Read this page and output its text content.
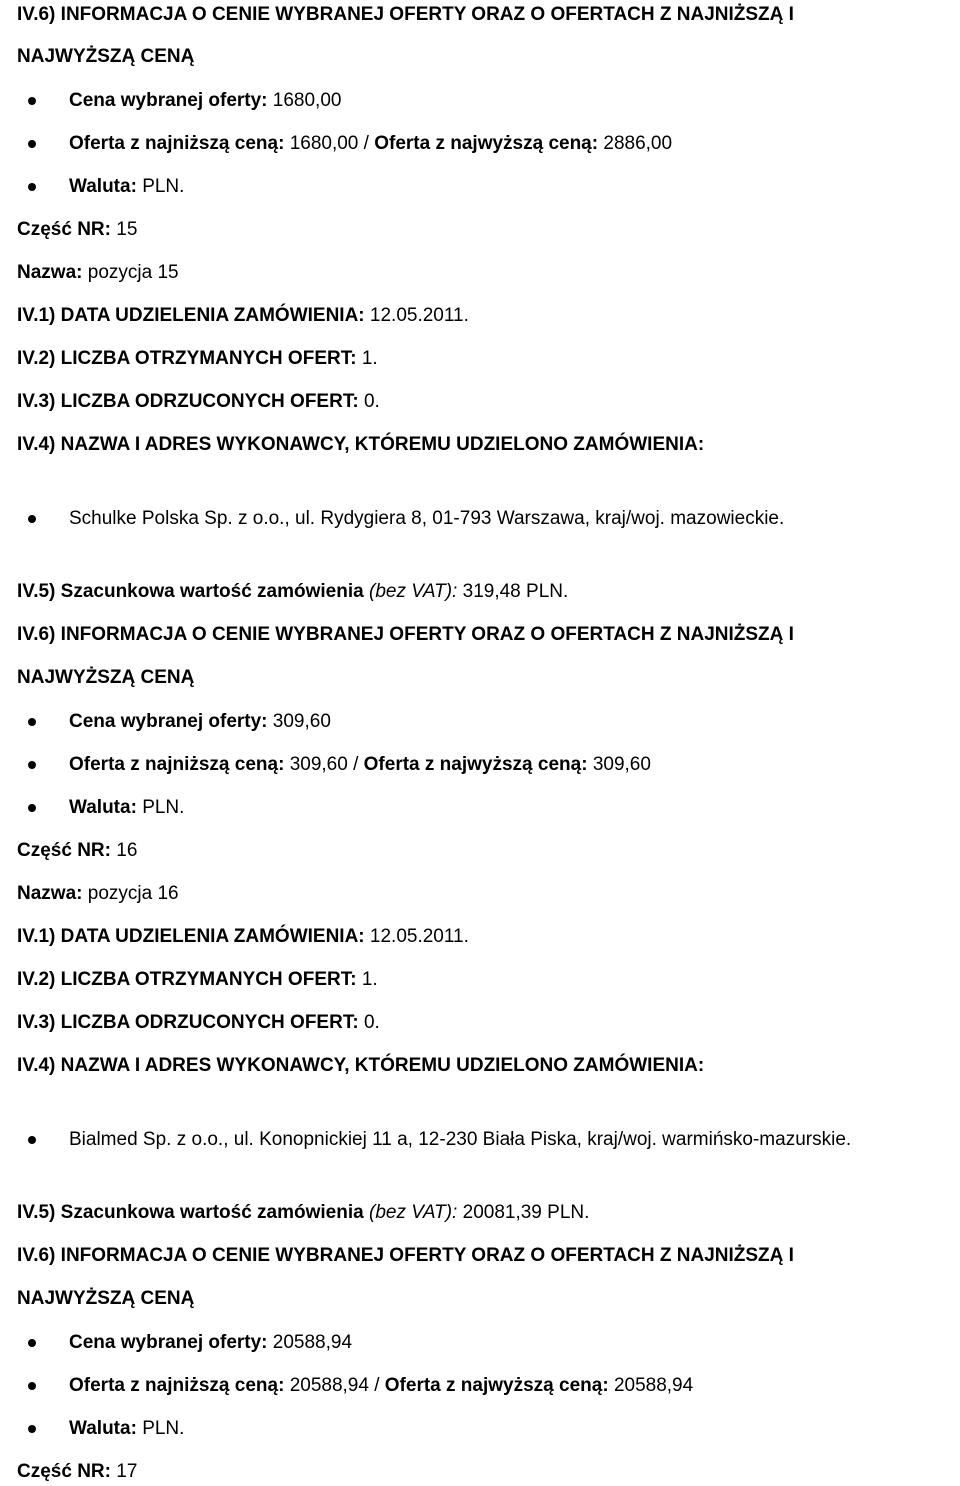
IV.6) INFORMACJA O CENIE WYBRANEJ OFERTY ORAZ O OFERTACH Z NAJNIŻSZĄ I
NAJWYŻSZĄ CENĄ
Cena wybranej oferty: 1680,00
Oferta z najniższą ceną: 1680,00 / Oferta z najwyższą ceną: 2886,00
Waluta: PLN.
Część NR: 15
Nazwa: pozycja 15
IV.1) DATA UDZIELENIA ZAMÓWIENIA: 12.05.2011.
IV.2) LICZBA OTRZYMANYCH OFERT: 1.
IV.3) LICZBA ODRZUCONYCH OFERT: 0.
IV.4) NAZWA I ADRES WYKONAWCY, KTÓREMU UDZIELONO ZAMÓWIENIA:
Schulke Polska Sp. z o.o., ul. Rydygiera 8, 01-793 Warszawa, kraj/woj. mazowieckie.
IV.5) Szacunkowa wartość zamówienia (bez VAT): 319,48 PLN.
IV.6) INFORMACJA O CENIE WYBRANEJ OFERTY ORAZ O OFERTACH Z NAJNIŻSZĄ I
NAJWYŻSZĄ CENĄ
Cena wybranej oferty: 309,60
Oferta z najniższą ceną: 309,60 / Oferta z najwyższą ceną: 309,60
Waluta: PLN.
Część NR: 16
Nazwa: pozycja 16
IV.1) DATA UDZIELENIA ZAMÓWIENIA: 12.05.2011.
IV.2) LICZBA OTRZYMANYCH OFERT: 1.
IV.3) LICZBA ODRZUCONYCH OFERT: 0.
IV.4) NAZWA I ADRES WYKONAWCY, KTÓREMU UDZIELONO ZAMÓWIENIA:
Bialmed Sp. z o.o., ul. Konopnickiej 11 a, 12-230 Biała Piska, kraj/woj. warmińsko-mazurskie.
IV.5) Szacunkowa wartość zamówienia (bez VAT): 20081,39 PLN.
IV.6) INFORMACJA O CENIE WYBRANEJ OFERTY ORAZ O OFERTACH Z NAJNIŻSZĄ I
NAJWYŻSZĄ CENĄ
Cena wybranej oferty: 20588,94
Oferta z najniższą ceną: 20588,94 / Oferta z najwyższą ceną: 20588,94
Waluta: PLN.
Część NR: 17
